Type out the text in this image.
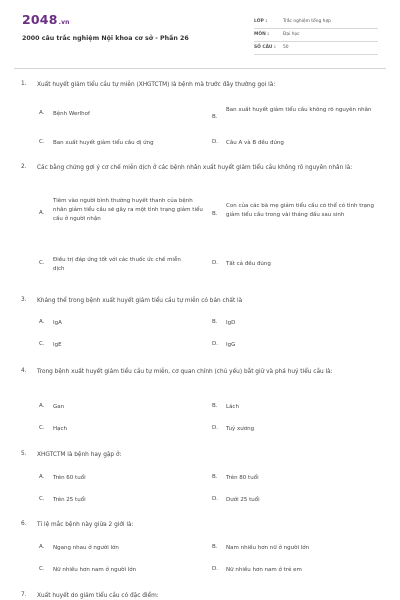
2048.vn
2000 câu trắc nghiệm Nội khoa cơ sở - Phần 26
LỚP :	Trắc nghiệm tổng hợp
MÔN :	Đại học
SỐ CÂU : 50
1. Xuất huyết giảm tiểu cầu tự miễn (XHGTCTM) là bệnh mà trước đây thường gọi là:
A. Bệnh Werlhof	B.
Ban xuất huyết giảm tiểu cầu không rõ nguyên nhân
C. Ban xuất huyết giảm tiểu cầu dị ứng	D. Câu A và B đều đúng
2. Các bằng chứng gợi ý cơ chế miễn dịch ở các bệnh nhân xuất huyết giảm tiểu cầu không rõ nguyên nhân là:
A.
Tiêm vào người bình thường huyết thanh của bệnh nhân giảm tiểu cầu sẽ gây ra một tình trạng giảm tiểu cầu ở người nhận
B.
Con của các bà mẹ giảm tiểu cầu có thể có tình trạng giảm tiểu cầu trong vài tháng đầu sau sinh
C. Điều trị đáp ứng tốt với các thuốc ức chế miễn dịch
D. Tất cả đều đúng
3. Kháng thể trong bệnh xuất huyết giảm tiểu cầu tự miễn có bản chất là
A. IgA	B. IgD
C. IgE	D. IgG
4. Trong bệnh xuất huyết giảm tiểu cầu tự miễn, cơ quan chính (chủ yếu) bắt giữ và phá huỷ tiểu cầu là:
A. Gan	B. Lách
C. Hạch	D. Tuỷ xương
5. XHGTCTM là bệnh hay gặp ở:
A. Trên 60 tuổi	B. Trên 80 tuổi
C. Trên 25 tuổi	D. Dưới 25 tuổi
6. Tỉ lệ mắc bệnh này giữa 2 giới là:
A. Ngang nhau ở người lớn	B. Nam nhiều hơn nữ ở người lớn
C. Nữ nhiều hơn nam ở người lớn	D. Nữ nhiều hơn nam ở trẻ em
7. Xuất huyết do giảm tiểu cầu có đặc điểm:
